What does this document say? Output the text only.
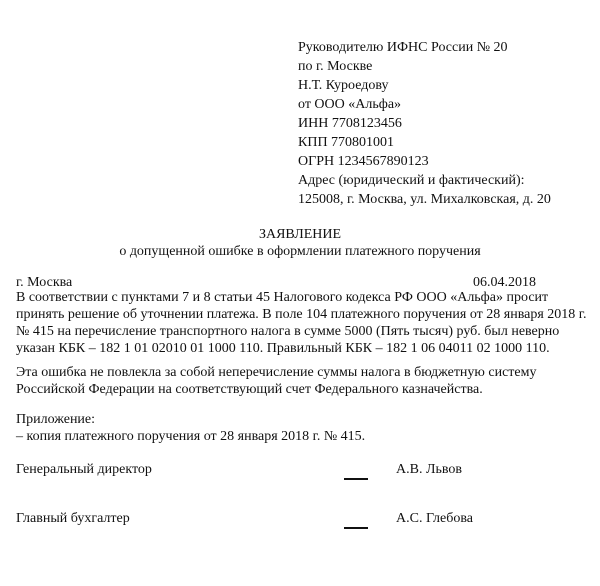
Руководителю ИФНС России № 20
по г. Москве
Н.Т. Куроедову
от ООО «Альфа»
ИНН 7708123456
КПП 770801001
ОГРН 1234567890123
Адрес (юридический и фактический):
125008, г. Москва, ул. Михалковская, д. 20
ЗАЯВЛЕНИЕ
о допущенной ошибке в оформлении платежного поручения
г. Москва	06.04.2018
В соответствии с пунктами 7 и 8 статьи 45 Налогового кодекса РФ ООО «Альфа» просит
принять решение об уточнении платежа. В поле 104 платежного поручения от 28 января 2018 г.
№ 415 на перечисление транспортного налога в сумме 5000 (Пять тысяч) руб. был неверно
указан КБК – 182 1 01 02010 01 1000 110. Правильный КБК – 182 1 06 04011 02 1000 110.
Эта ошибка не повлекла за собой неперечисление суммы налога в бюджетную систему
Российской Федерации на соответствующий счет Федерального казначейства.
Приложение:
– копия платежного поручения от 28 января 2018 г. № 415.
Генеральный директор	А.В. Львов
Главный бухгалтер	А.С. Глебова
